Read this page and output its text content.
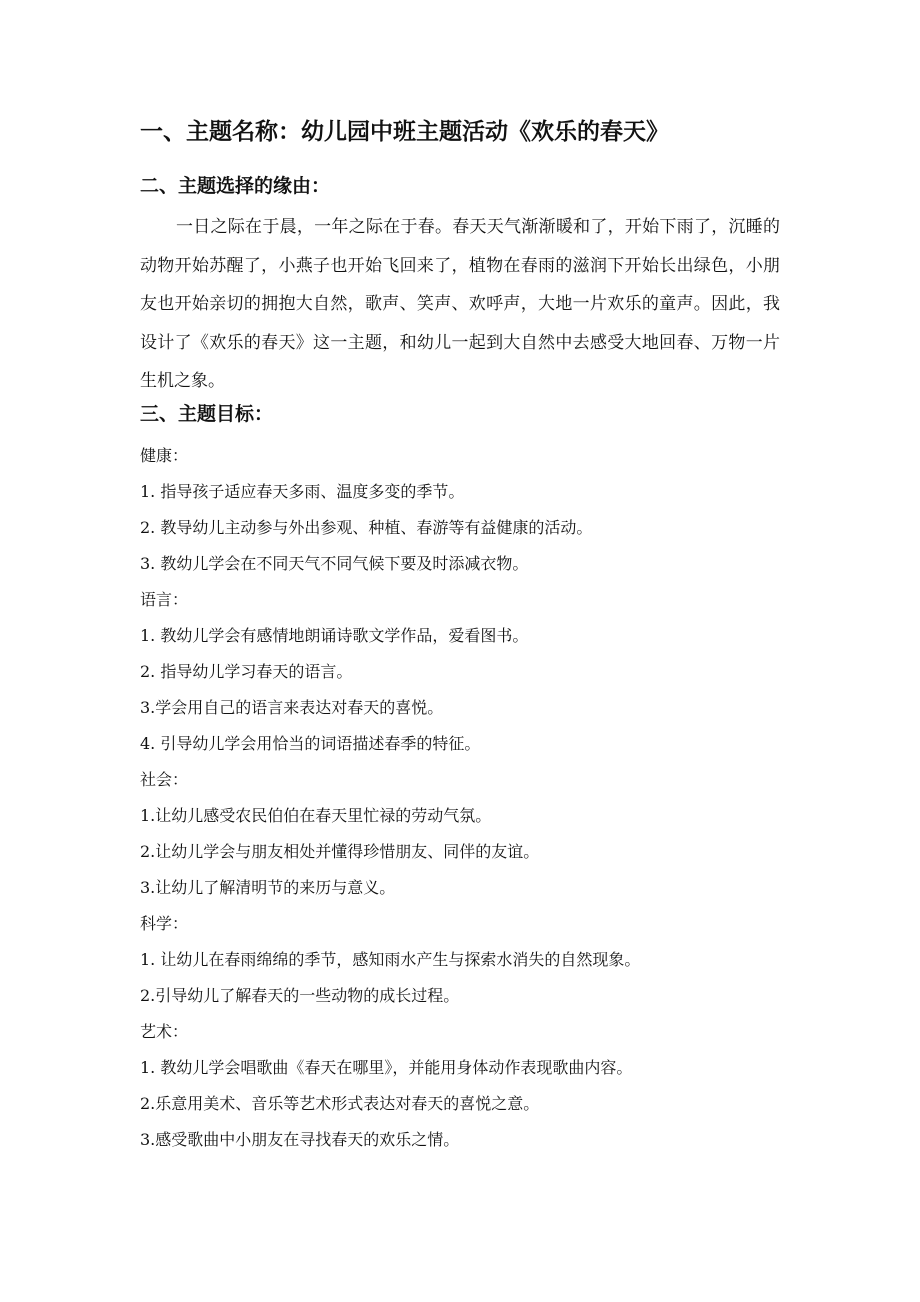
一、主题名称：幼儿园中班主题活动《欢乐的春天》
二、主题选择的缘由：

一日之际在于晨，一年之际在于春。春天天气渐渐暖和了，开始下雨了，沉睡的动物开始苏醒了，小燕子也开始飞回来了，植物在春雨的滋润下开始长出绿色，小朋友也开始亲切的拥抱大自然，歌声、笑声、欢呼声，大地一片欢乐的童声。因此，我设计了《欢乐的春天》这一主题，和幼儿一起到大自然中去感受大地回春、万物一片生机之象。

三、主题目标：
健康：
1. 指导孩子适应春天多雨、温度多变的季节。
2. 教导幼儿主动参与外出参观、种植、春游等有益健康的活动。
3. 教幼儿学会在不同天气不同气候下要及时添减衣物。
语言：
1. 教幼儿学会有感情地朗诵诗歌文学作品，爱看图书。
2. 指导幼儿学习春天的语言。
3.学会用自己的语言来表达对春天的喜悦。
4. 引导幼儿学会用恰当的词语描述春季的特征。
社会：
1.让幼儿感受农民伯伯在春天里忙禄的劳动气氛。
2.让幼儿学会与朋友相处并懂得珍惜朋友、同伴的友谊。
3.让幼儿了解清明节的来历与意义。
科学：
1. 让幼儿在春雨绵绵的季节，感知雨水产生与探索水消失的自然现象。
2.引导幼儿了解春天的一些动物的成长过程。
艺术：
1. 教幼儿学会唱歌曲《春天在哪里》，并能用身体动作表现歌曲内容。
2.乐意用美术、音乐等艺术形式表达对春天的喜悦之意。
3.感受歌曲中小朋友在寻找春天的欢乐之情。
